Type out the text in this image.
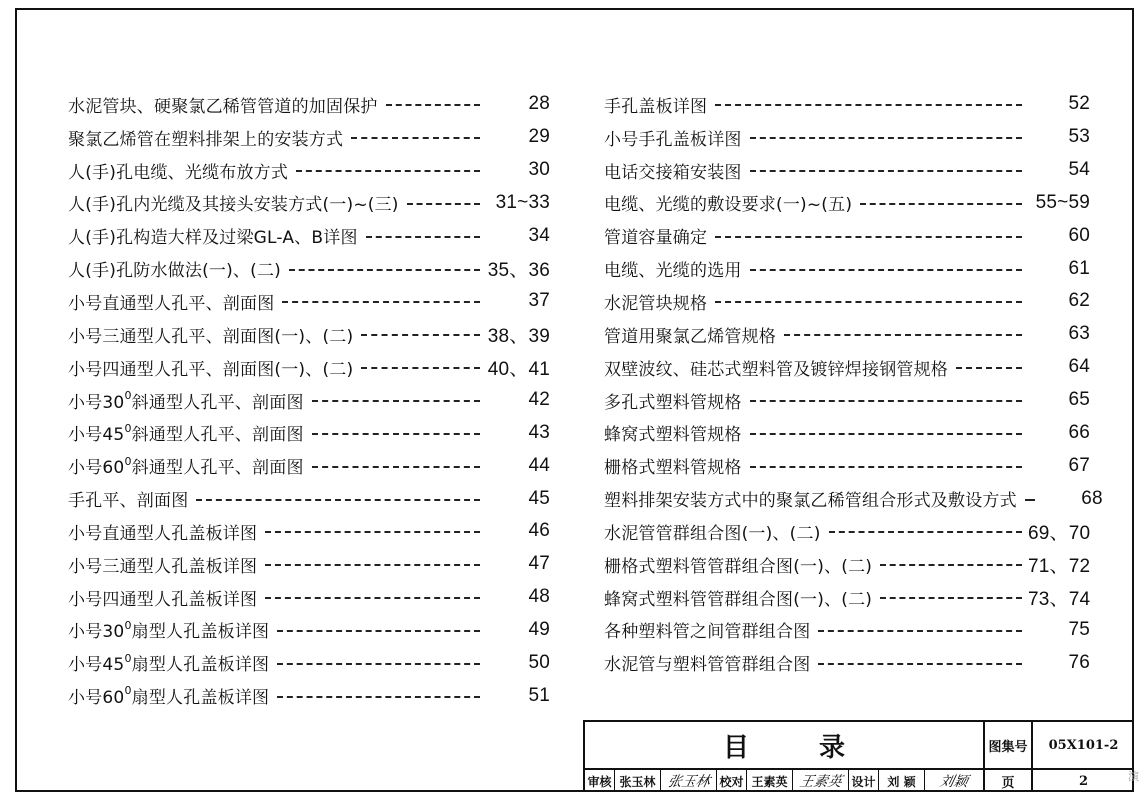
水泥管块、硬聚氯乙稀管管道的加固保护	28
聚氯乙烯管在塑料排架上的安装方式	29
人(手)孔电缆、光缆布放方式	30
人(手)孔内光缆及其接头安装方式(一)~(三)	31~33
人(手)孔构造大样及过梁GL-A、B详图	34
人(手)孔防水做法(一)、(二)	35、36
小号直通型人孔平、剖面图	37
小号三通型人孔平、剖面图(一)、(二)	38、39
小号四通型人孔平、剖面图(一)、(二)	40、41
小号$30^0$斜通型人孔平、剖面图	42
小号$45^0$斜通型人孔平、剖面图	43
小号$60^0$斜通型人孔平、剖面图	44
手孔平、剖面图	45
小号直通型人孔盖板详图	46
小号三通型人孔盖板详图	47
小号四通型人孔盖板详图	48
小号$30^0$扇型人孔盖板详图	49
小号$45^0$扇型人孔盖板详图	50
小号$60^0$扇型人孔盖板详图	51
手孔盖板详图	52
小号手孔盖板详图	53
电话交接箱安装图	54
电缆、光缆的敷设要求(一)~(五)	55~59
管道容量确定	60
电缆、光缆的选用	61
水泥管块规格	62
管道用聚氯乙烯管规格	63
双壁波纹、硅芯式塑料管及镀锌焊接钢管规格	64
多孔式塑料管规格	65
蜂窝式塑料管规格	66
栅格式塑料管规格	67
塑料排架安装方式中的聚氯乙稀管组合形式及敷设方式	68
水泥管管群组合图(一)、(二)	69、70
栅格式塑料管管群组合图(一)、(二)	71、72
蜂窝式塑料管管群组合图(一)、(二)	73、74
各种塑料管之间管群组合图	75
水泥管与塑料管管群组合图	76
目录	图集号	05X101-2
页	2
审核 张玉林 张玉林 校对 王素英 王素英 设计 刘 颖	刘颖	演
